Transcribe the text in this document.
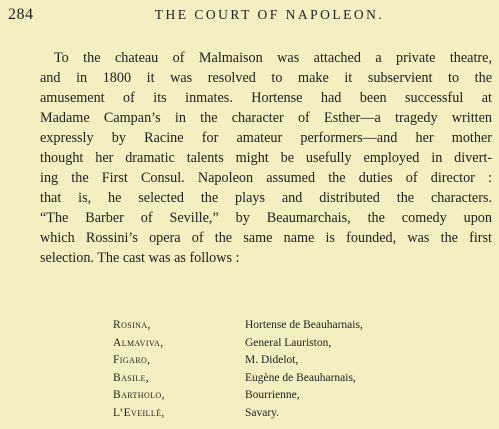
284	THE COURT OF NAPOLEON.
To the chateau of Malmaison was attached a private theatre,
and in 1800 it was resolved to make it subservient to the
amusement of its inmates. Hortense had been successful at
Madame Campan’s in the character of Esther—a tragedy written
expressly by Racine for amateur performers—and her mother
thought her dramatic talents might be usefully employed in divert-
ing the First Consul. Napoleon assumed the duties of director :
that is, he selected the plays and distributed the characters.
“The Barber of Seville,” by Beaumarchais, the comedy upon
which Rossini’s opera of the same name is founded, was the first
selection. The cast was as follows :
Rosina,	Hortense de Beauharnais,
Almaviva,	General Lauriston,
Figaro,	M. Didelot,
Basile,	Eugène de Beauharnais,
Bartholo,	Bourrienne,
L’Eveillé,	Savary.
